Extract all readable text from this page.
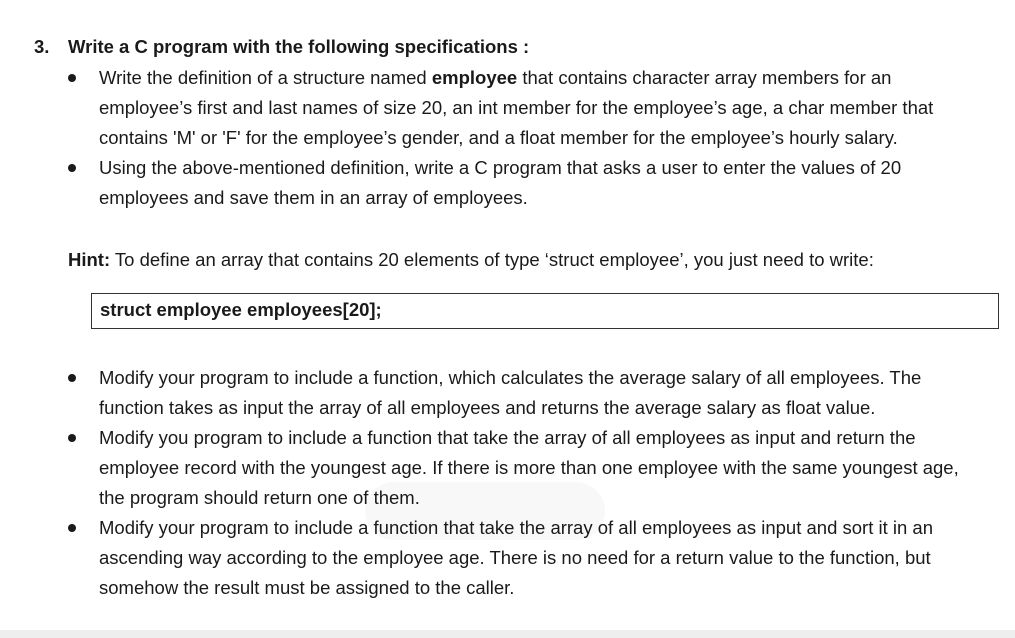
3. Write a C program with the following specifications :
Write the definition of a structure named employee that contains character array members for an employee’s first and last names of size 20, an int member for the employee’s age, a char member that contains 'M' or 'F' for the employee’s gender, and a float member for the employee’s hourly salary.
Using the above-mentioned definition, write a C program that asks a user to enter the values of 20 employees and save them in an array of employees.
Hint: To define an array that contains 20 elements of type ‘struct employee’, you just need to write:
struct employee employees[20];
Modify your program to include a function, which calculates the average salary of all employees. The function takes as input the array of all employees and returns the average salary as float value.
Modify you program to include a function that take the array of all employees as input and return the employee record with the youngest age. If there is more than one employee with the same youngest age, the program should return one of them.
Modify your program to include a function that take the array of all employees as input and sort it in an ascending way according to the employee age. There is no need for a return value to the function, but somehow the result must be assigned to the caller.
